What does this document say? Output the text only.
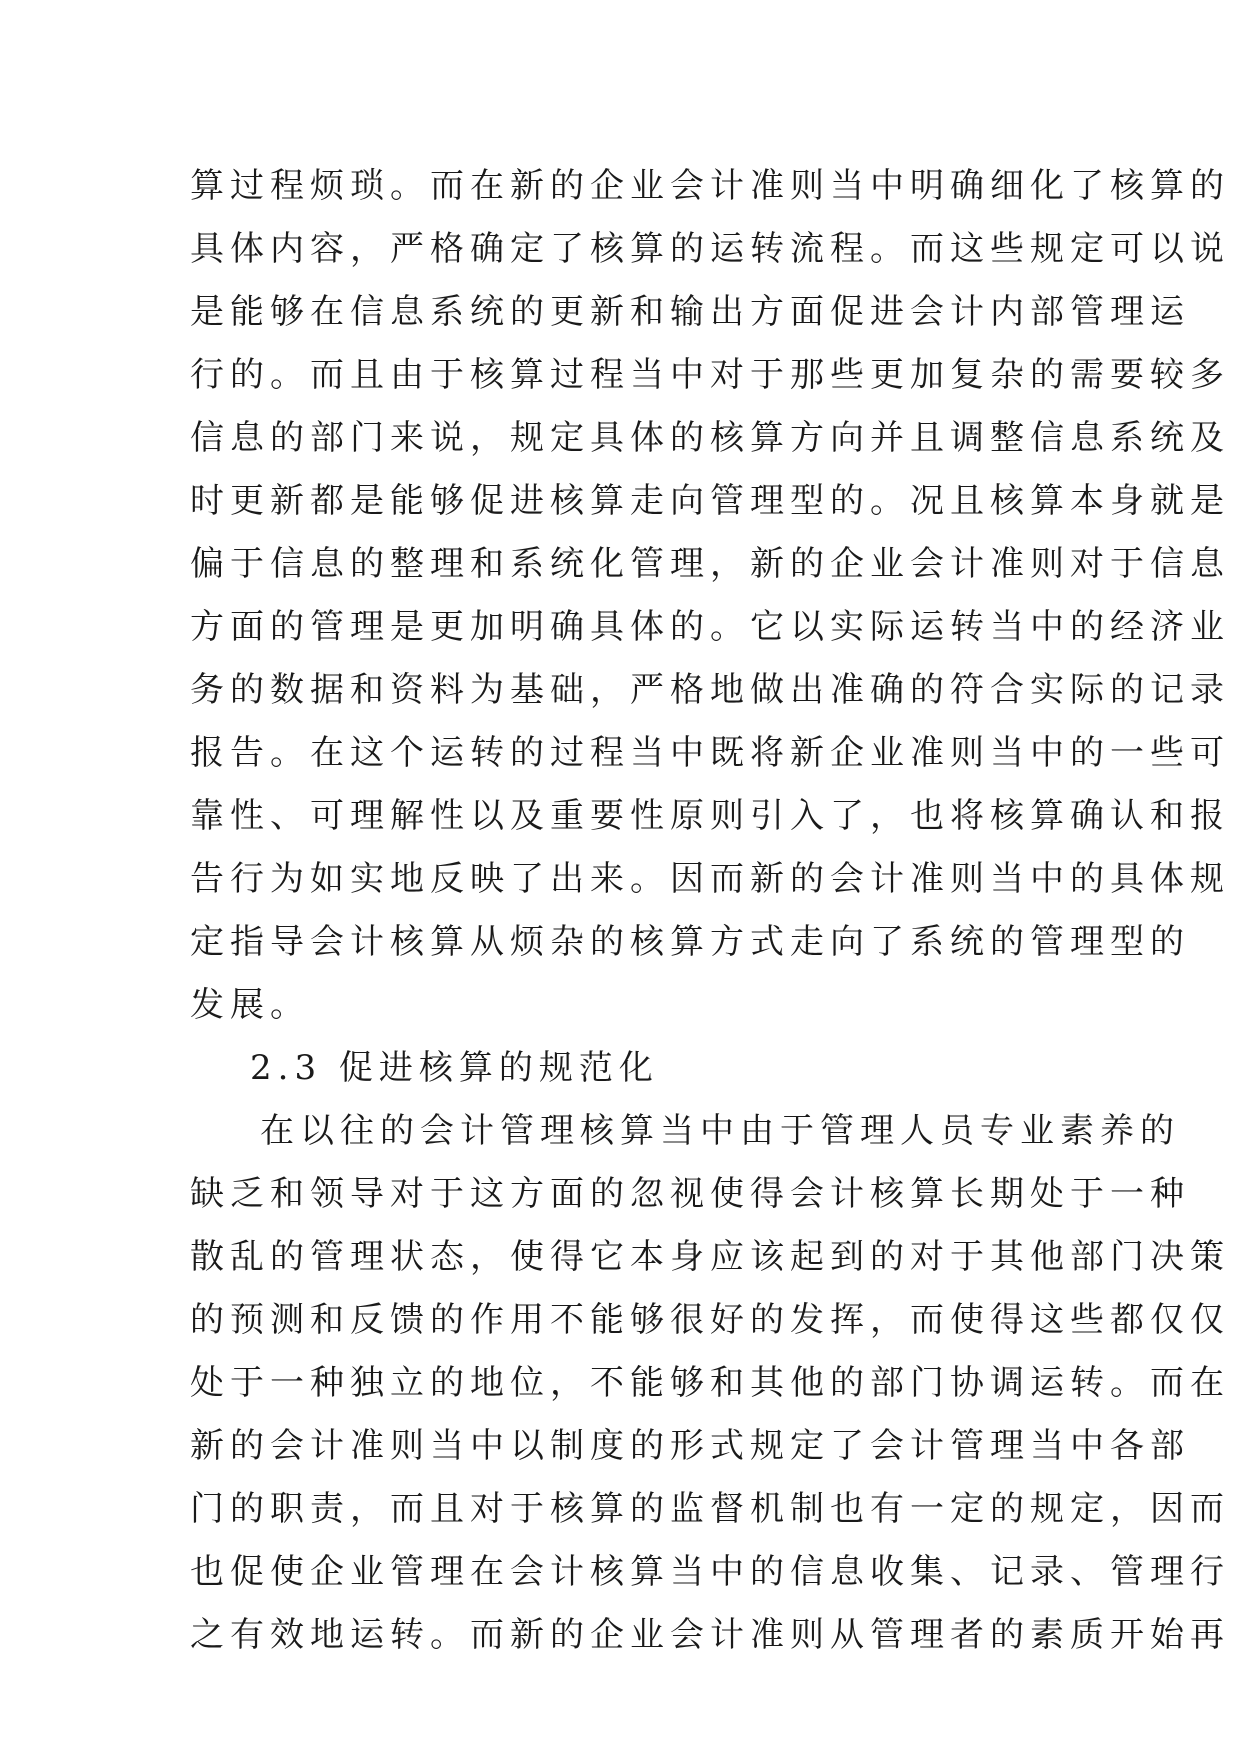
算过程烦琐。而在新的企业会计准则当中明确细化了核算的
具体内容，严格确定了核算的运转流程。而这些规定可以说
是能够在信息系统的更新和输出方面促进会计内部管理运
行的。而且由于核算过程当中对于那些更加复杂的需要较多
信息的部门来说，规定具体的核算方向并且调整信息系统及
时更新都是能够促进核算走向管理型的。况且核算本身就是
偏于信息的整理和系统化管理，新的企业会计准则对于信息
方面的管理是更加明确具体的。它以实际运转当中的经济业
务的数据和资料为基础，严格地做出准确的符合实际的记录
报告。在这个运转的过程当中既将新企业准则当中的一些可
靠性、可理解性以及重要性原则引入了，也将核算确认和报
告行为如实地反映了出来。因而新的会计准则当中的具体规
定指导会计核算从烦杂的核算方式走向了系统的管理型的
发展。
2.3 促进核算的规范化
在以往的会计管理核算当中由于管理人员专业素养的
缺乏和领导对于这方面的忽视使得会计核算长期处于一种
散乱的管理状态，使得它本身应该起到的对于其他部门决策
的预测和反馈的作用不能够很好的发挥，而使得这些都仅仅
处于一种独立的地位，不能够和其他的部门协调运转。而在
新的会计准则当中以制度的形式规定了会计管理当中各部
门的职责，而且对于核算的监督机制也有一定的规定，因而
也促使企业管理在会计核算当中的信息收集、记录、管理行
之有效地运转。而新的企业会计准则从管理者的素质开始再
